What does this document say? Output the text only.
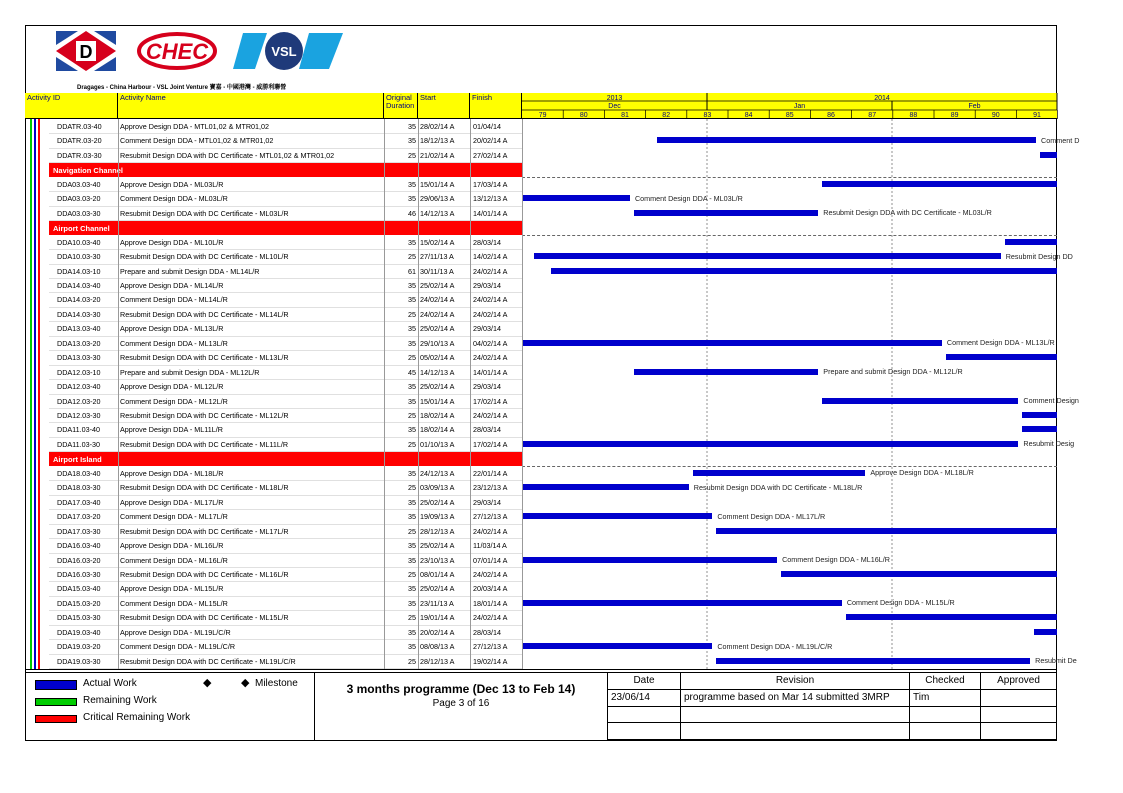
D CHEC	VSL
Dragages - China Harbour - VSL Joint Venture 寶嘉 - 中國港灣 - 威勝利聯營
Activity ID	Activity Name	Original Duration
Start	Finish	2013	2014
Dec	Jan	Feb
79	80	81	82	83	84	85	86	87	88	89	90	91
DDATR.03-40	Approve Design DDA - MTL01,02 & MTR01,02	35 28/02/14 A	01/04/14
DDATR.03-20	Comment Design DDA - MTL01,02 & MTR01,02	35 18/12/13 A	20/02/14 A
DDATR.03-30	Resubmit Design DDA with DC Certificate - MTL01,02 & MTR01,02	25 21/02/14 A	27/02/14 A
Navigation Channel
DDA03.03-40	Approve Design DDA - ML03L/R	35 15/01/14 A	17/03/14 A
DDA03.03-20	Comment Design DDA - ML03L/R	35 29/06/13 A	13/12/13 A
DDA03.03-30	Resubmit Design DDA with DC Certificate - ML03L/R	46 14/12/13 A	14/01/14 A
Airport Channel
DDA10.03-40	Approve Design DDA - ML10L/R	35 15/02/14 A	28/03/14
DDA10.03-30	Resubmit Design DDA with DC Certificate - ML10L/R	25 27/11/13 A	14/02/14 A
DDA14.03-10	Prepare and submit Design DDA - ML14L/R	61 30/11/13 A	24/02/14 A
DDA14.03-40	Approve Design DDA - ML14L/R	35 25/02/14 A	29/03/14
DDA14.03-20	Comment Design DDA - ML14L/R	35 24/02/14 A	24/02/14 A
DDA14.03-30	Resubmit Design DDA with DC Certificate - ML14L/R	25 24/02/14 A	24/02/14 A
DDA13.03-40	Approve Design DDA - ML13L/R	35 25/02/14 A	29/03/14
DDA13.03-20	Comment Design DDA - ML13L/R	35 29/10/13 A	04/02/14 A
DDA13.03-30	Resubmit Design DDA with DC Certificate - ML13L/R	25 05/02/14 A	24/02/14 A
DDA12.03-10	Prepare and submit Design DDA - ML12L/R	45 14/12/13 A	14/01/14 A
DDA12.03-40	Approve Design DDA - ML12L/R	35 25/02/14 A	29/03/14
DDA12.03-20	Comment Design DDA - ML12L/R	35 15/01/14 A	17/02/14 A
DDA12.03-30	Resubmit Design DDA with DC Certificate - ML12L/R	25 18/02/14 A	24/02/14 A
DDA11.03-40	Approve Design DDA - ML11L/R	35 18/02/14 A	28/03/14
DDA11.03-30	Resubmit Design DDA with DC Certificate - ML11L/R	25 01/10/13 A	17/02/14 A
Airport Island
DDA18.03-40	Approve Design DDA - ML18L/R	35 24/12/13 A	22/01/14 A
DDA18.03-30	Resubmit Design DDA with DC Certificate - ML18L/R	25 03/09/13 A	23/12/13 A
DDA17.03-40	Approve Design DDA - ML17L/R	35 25/02/14 A	29/03/14
DDA17.03-20	Comment Design DDA - ML17L/R	35 19/09/13 A	27/12/13 A
DDA17.03-30	Resubmit Design DDA with DC Certificate - ML17L/R	25 28/12/13 A	24/02/14 A
DDA16.03-40	Approve Design DDA - ML16L/R	35 25/02/14 A	11/03/14 A
DDA16.03-20	Comment Design DDA - ML16L/R	35 23/10/13 A	07/01/14 A
DDA16.03-30	Resubmit Design DDA with DC Certificate - ML16L/R	25 08/01/14 A	24/02/14 A
DDA15.03-40	Approve Design DDA - ML15L/R	35 25/02/14 A	20/03/14 A
DDA15.03-20	Comment Design DDA - ML15L/R	35 23/11/13 A	18/01/14 A
DDA15.03-30	Resubmit Design DDA with DC Certificate - ML15L/R	25 19/01/14 A	24/02/14 A
DDA19.03-40	Approve Design DDA - ML19L/C/R	35 20/02/14 A	28/03/14
DDA19.03-20	Comment Design DDA - ML19L/C/R	35 08/08/13 A	27/12/13 A
DDA19.03-30	Resubmit Design DDA with DC Certificate - ML19L/C/R	25 28/12/13 A	19/02/14 A
Comment D
Comment Design DDA - ML03L/R
Resubmit Design DDA with DC Certificate - ML03L/R
Resubmit Design DD
Comment Design DDA - ML13L/R
Prepare and submit Design DDA - ML12L/R
Comment Design
Resubmit Desig
Approve Design DDA - ML18L/R
Resubmit Design DDA with DC Certificate - ML18L/R
Comment Design DDA - ML17L/R
Comment Design DDA - ML16L/R
Comment Design DDA - ML15L/R
Comment Design DDA - ML19L/C/R
Resubmit De
Actual Work	◆	◆ Milestone
Remaining Work
Critical Remaining Work
3 months programme (Dec 13 to Feb 14)
Page 3 of 16
Date	Revision	Checked	Approved
23/06/14	programme based on Mar 14 submitted 3MRP	Tim	
